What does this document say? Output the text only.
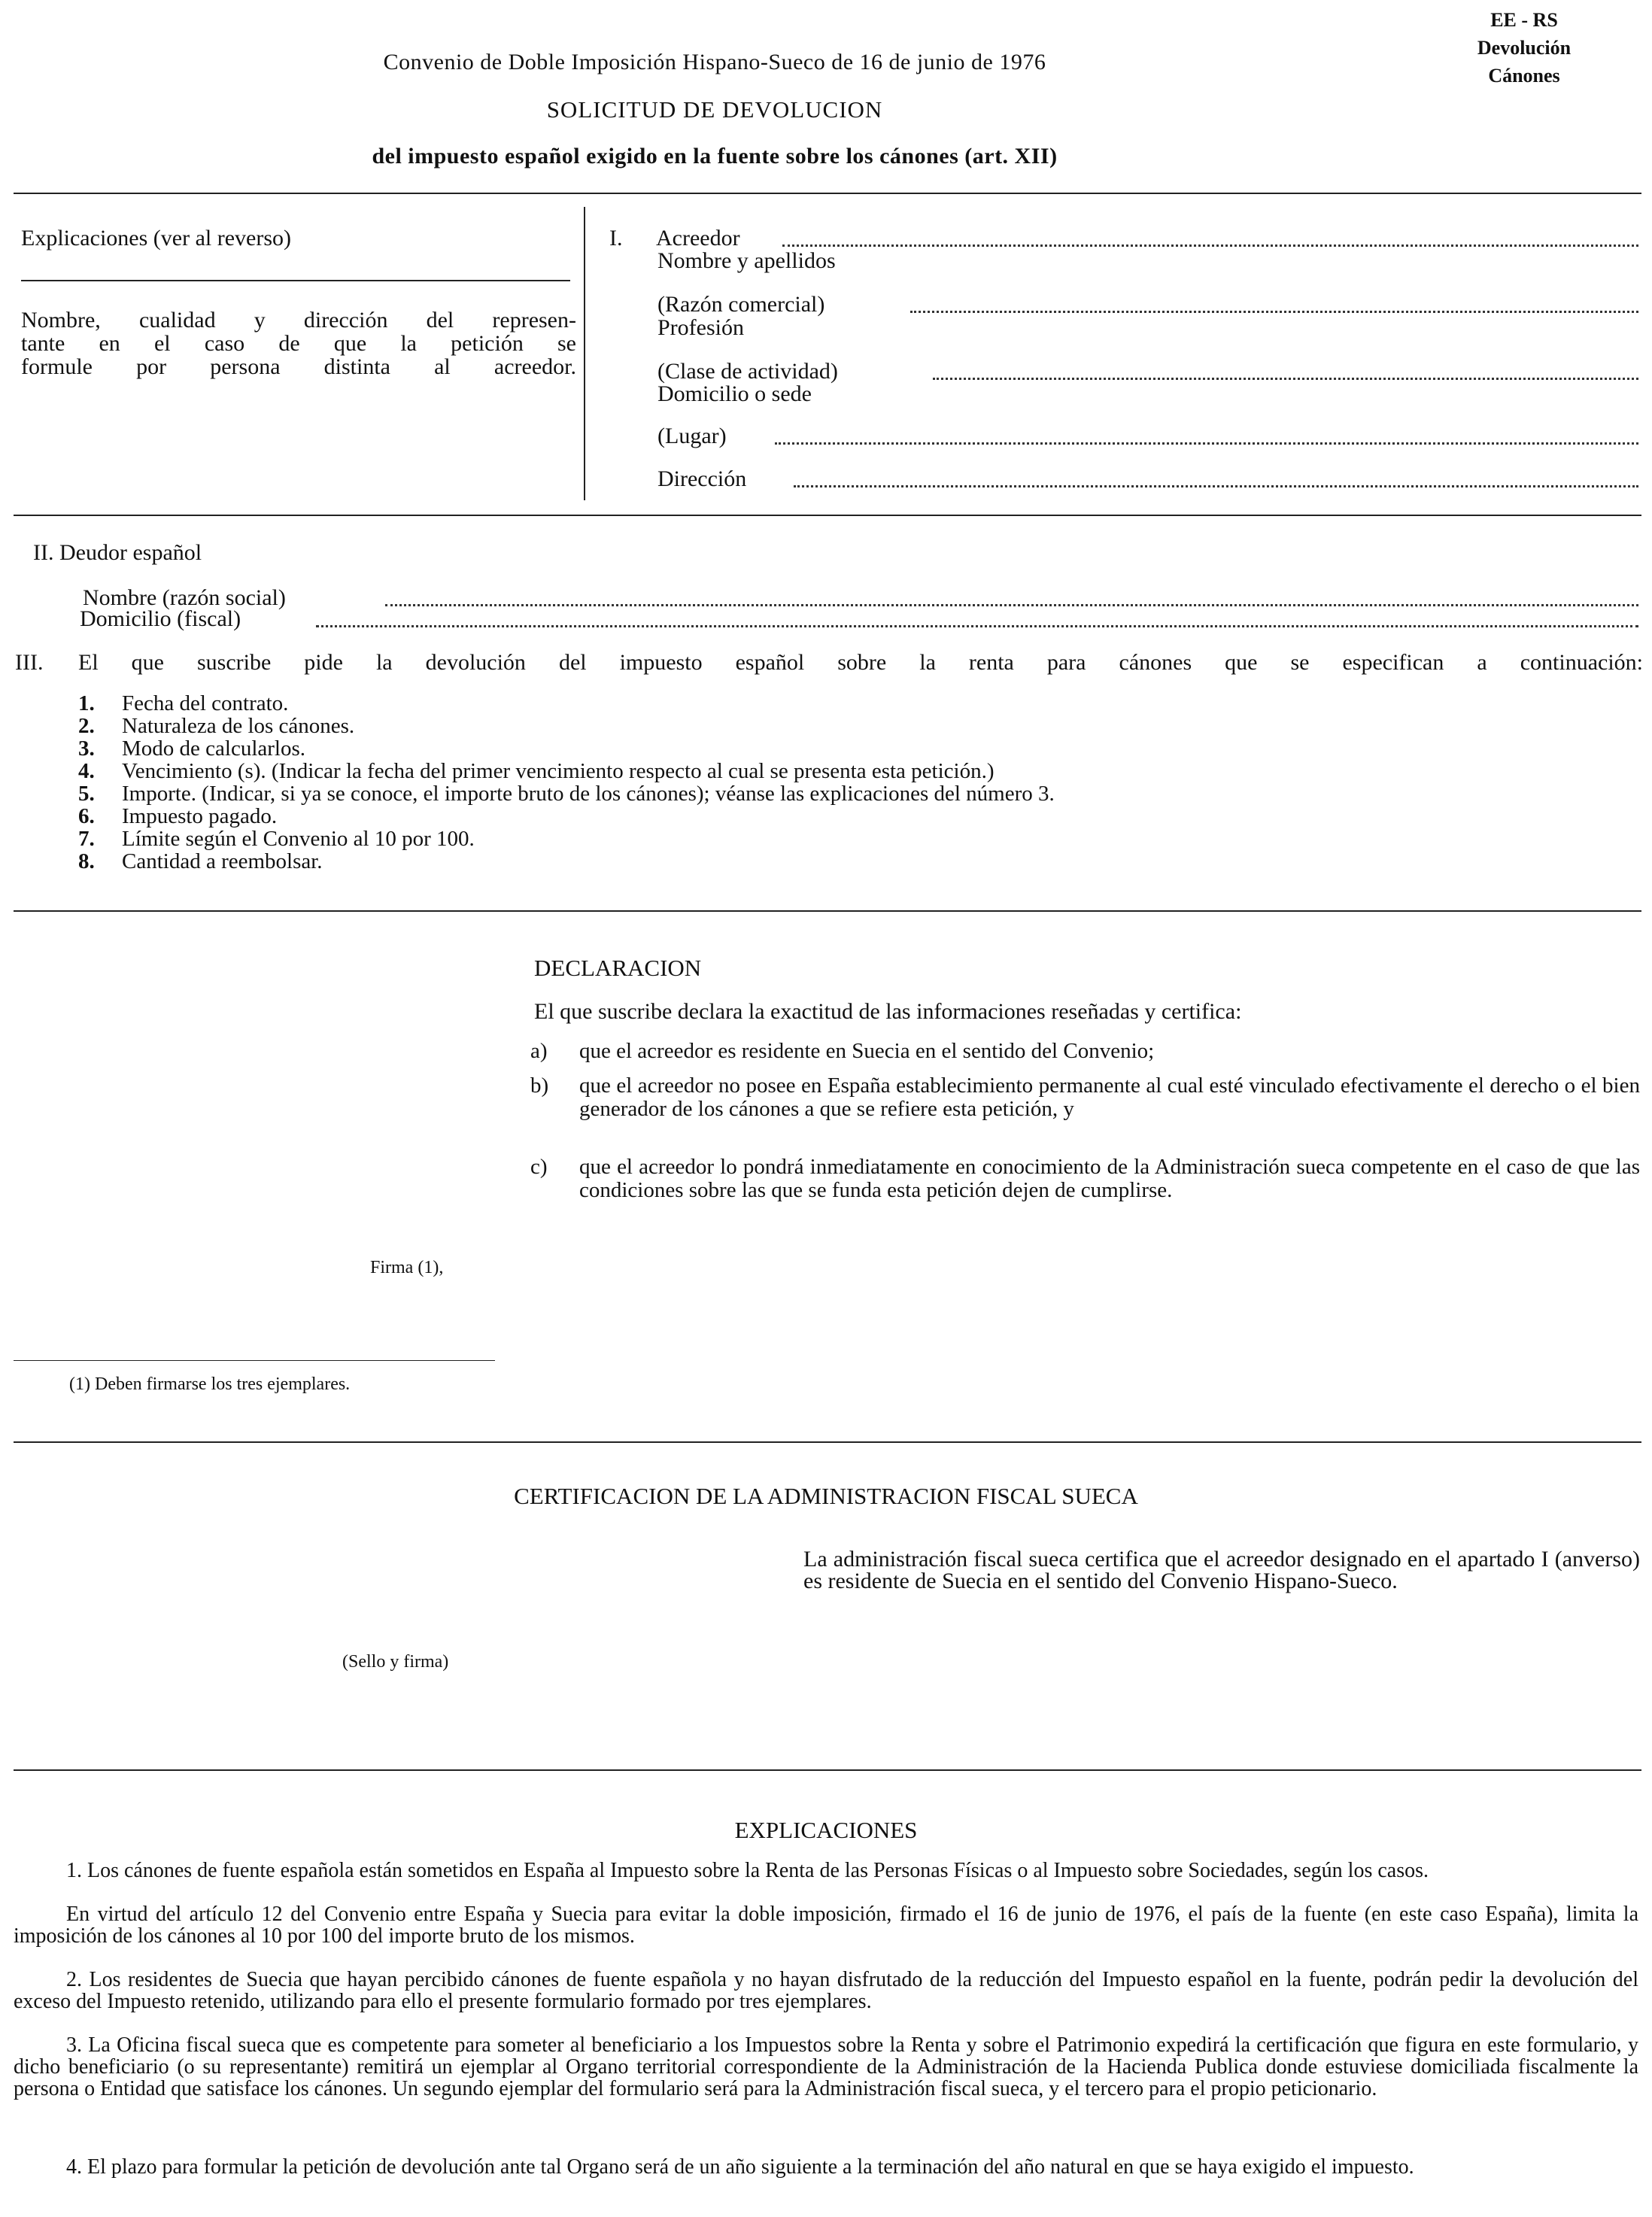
Convenio de Doble Imposición Hispano-Sueco de 16 de junio de 1976
SOLICITUD DE DEVOLUCION
del impuesto español exigido en la fuente sobre los cánones (art. XII)
EE - RS
Devolución
Cánones
Explicaciones (ver al reverso)
Nombre, cualidad y dirección del represen-
tante en el caso de que la petición se
formule por persona distinta al acreedor.
I. Acreedor
Nombre y apellidos
(Razón comercial)
Profesión
(Clase de actividad)
Domicilio o sede
(Lugar)
Dirección
II. Deudor español
Nombre (razón social)
Domicilio (fiscal)
III. El que suscribe pide la devolución del impuesto español sobre la renta para cánones que se especifican a continuación:
1. Fecha del contrato.
2. Naturaleza de los cánones.
3. Modo de calcularlos.
4. Vencimiento (s). (Indicar la fecha del primer vencimiento respecto al cual se presenta esta petición.)
5. Importe. (Indicar, si ya se conoce, el importe bruto de los cánones); véanse las explicaciones del número 3.
6. Impuesto pagado.
7. Límite según el Convenio al 10 por 100.
8. Cantidad a reembolsar.
DECLARACION
El que suscribe declara la exactitud de las informaciones reseñadas y certifica:
a) que el acreedor es residente en Suecia en el sentido del Convenio;
b) que el acreedor no posee en España establecimiento permanente al cual esté vinculado efectivamente el derecho o el bien generador de los cánones a que se refiere esta petición, y
c) que el acreedor lo pondrá inmediatamente en conocimiento de la Administración sueca competente en el caso de que las condiciones sobre las que se funda esta petición dejen de cumplirse.
Firma (1),
(1) Deben firmarse los tres ejemplares.
CERTIFICACION DE LA ADMINISTRACION FISCAL SUECA
La administración fiscal sueca certifica que el acreedor designado en el apartado I (anverso) es residente de Suecia en el sentido del Convenio Hispano-Sueco.
(Sello y firma)
EXPLICACIONES
1. Los cánones de fuente española están sometidos en España al Impuesto sobre la Renta de las Personas Físicas o al Impuesto sobre Sociedades, según los casos.
En virtud del artículo 12 del Convenio entre España y Suecia para evitar la doble imposición, firmado el 16 de junio de 1976, el país de la fuente (en este caso España), limita la imposición de los cánones al 10 por 100 del importe bruto de los mismos.
2. Los residentes de Suecia que hayan percibido cánones de fuente española y no hayan disfrutado de la reducción del Impuesto español en la fuente, podrán pedir la devolución del exceso del Impuesto retenido, utilizando para ello el presente formulario formado por tres ejemplares.
3. La Oficina fiscal sueca que es competente para someter al beneficiario a los Impuestos sobre la Renta y sobre el Patrimonio expedirá la certificación que figura en este formulario, y dicho beneficiario (o su representante) remitirá un ejemplar al Organo territorial correspondiente de la Administración de la Hacienda Publica donde estuviese domiciliada fiscalmente la persona o Entidad que satisface los cánones. Un segundo ejemplar del formulario será para la Administración fiscal sueca, y el tercero para el propio peticionario.
4. El plazo para formular la petición de devolución ante tal Organo será de un año siguiente a la terminación del año natural en que se haya exigido el impuesto.
